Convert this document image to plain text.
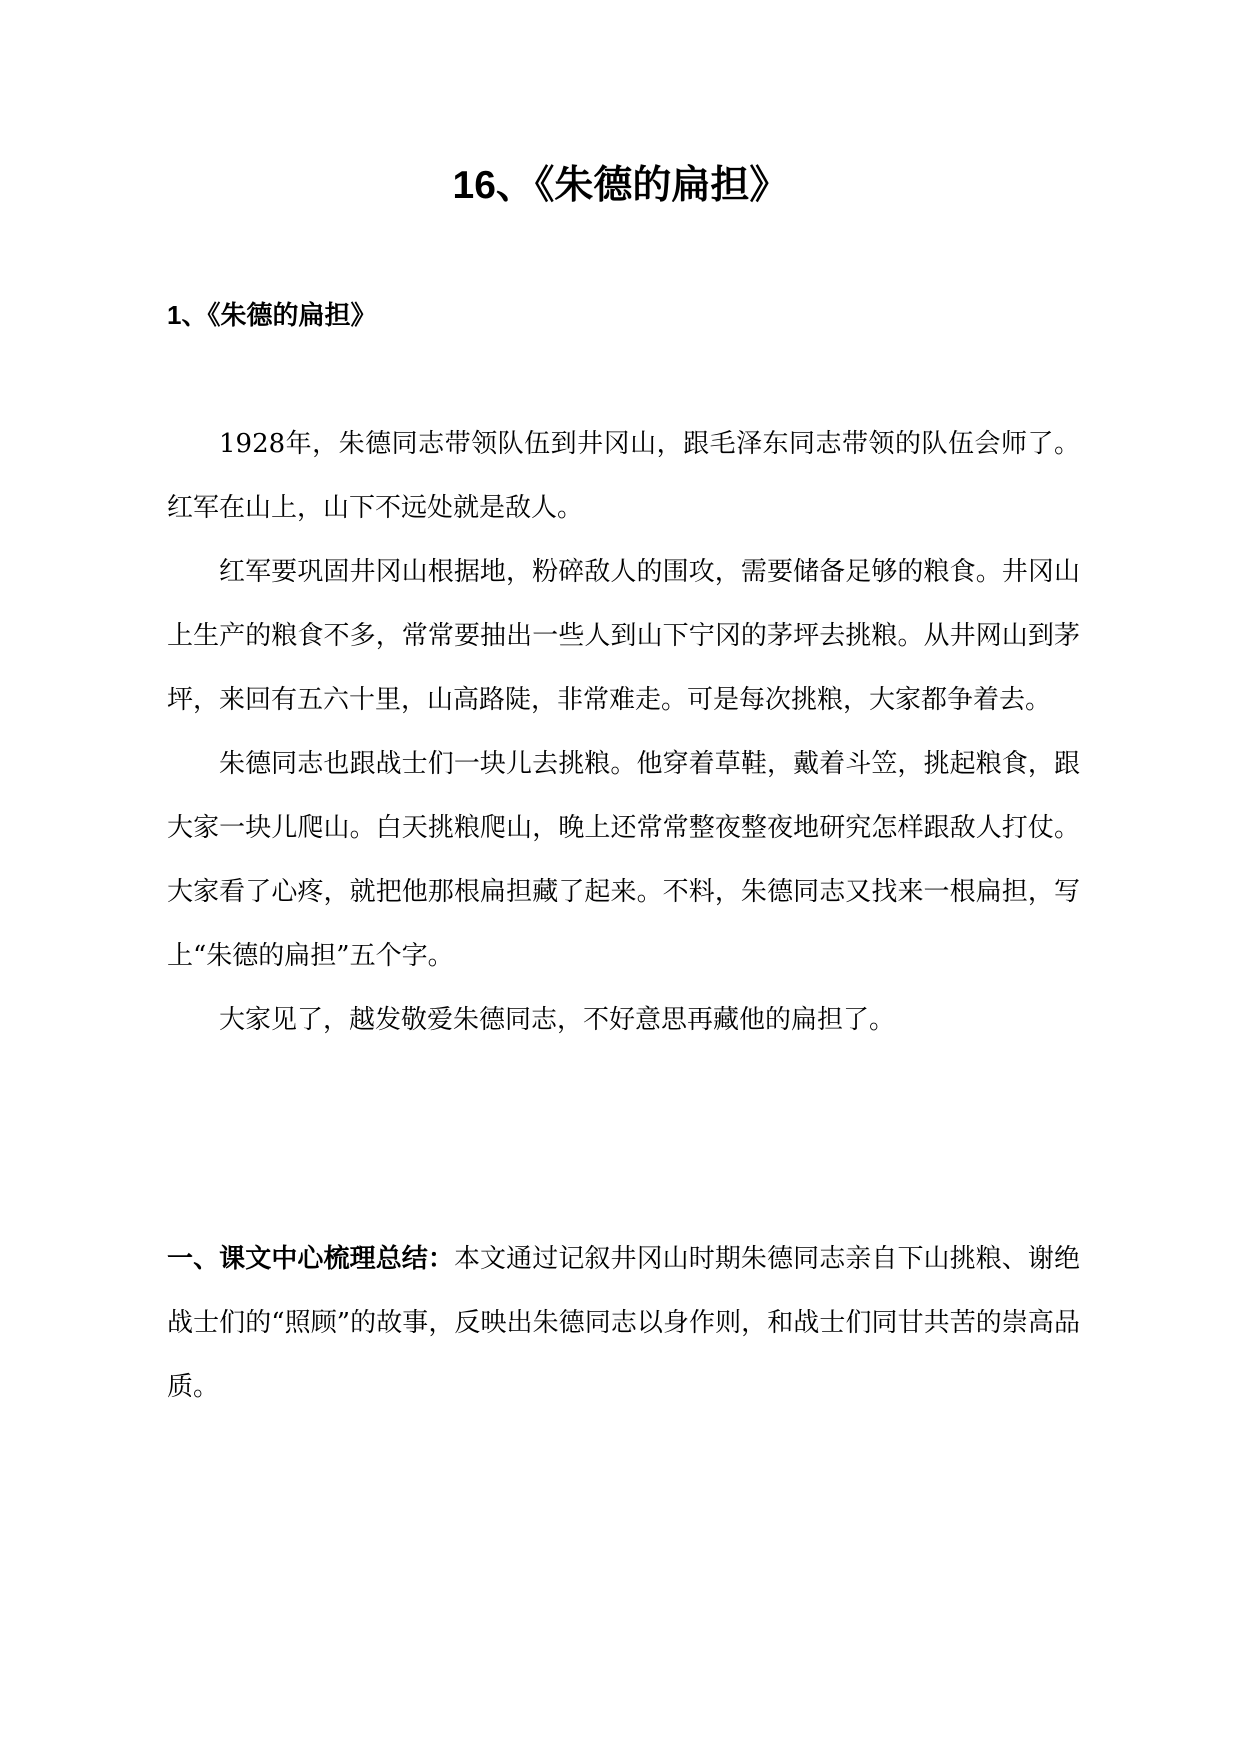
16、《朱德的扁担》
1、《朱德的扁担》

1928年，朱德同志带领队伍到井冈山，跟毛泽东同志带领的队伍会师了。红军在山上，山下不远处就是敌人。

红军要巩固井冈山根据地，粉碎敌人的围攻，需要储备足够的粮食。井冈山上生产的粮食不多，常常要抽出一些人到山下宁冈的茅坪去挑粮。从井网山到茅坪，来回有五六十里，山高路陡，非常难走。可是每次挑粮，大家都争着去。

朱德同志也跟战士们一块儿去挑粮。他穿着草鞋，戴着斗笠，挑起粮食，跟大家一块儿爬山。白天挑粮爬山，晚上还常常整夜整夜地研究怎样跟敌人打仗。大家看了心疼，就把他那根扁担藏了起来。不料，朱德同志又找来一根扁担，写上“朱德的扁担”五个字。

大家见了，越发敬爱朱德同志，不好意思再藏他的扁担了。

一、课文中心梳理总结：本文通过记叙井冈山时期朱德同志亲自下山挑粮、谢绝战士们的“照顾”的故事，反映出朱德同志以身作则，和战士们同甘共苦的崇高品质。
